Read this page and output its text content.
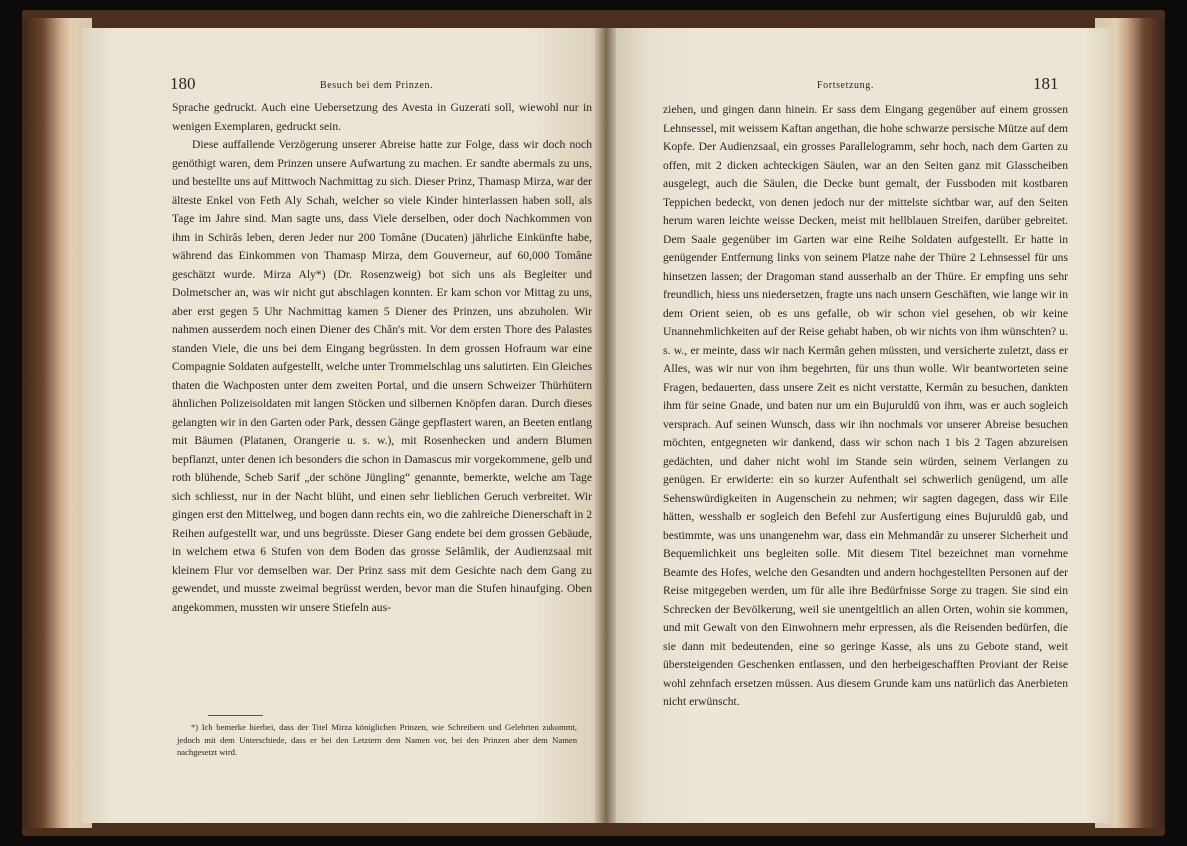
180	Besuch bei dem Prinzen.

Sprache gedruckt. Auch eine Uebersetzung des Avesta in Guzerati soll, wiewohl nur in wenigen Exemplaren, gedruckt sein.

Diese auffallende Verzögerung unserer Abreise hatte zur Folge, dass wir doch noch genöthigt waren, dem Prinzen unsere Aufwartung zu machen. Er sandte abermals zu uns, und bestellte uns auf Mittwoch Nachmittag zu sich. Dieser Prinz, Thamasp Mirza, war der älteste Enkel von Feth Aly Schah, welcher so viele Kinder hinterlassen haben soll, als Tage im Jahre sind. Man sagte uns, dass Viele derselben, oder doch Nachkommen von ihm in Schirâs leben, deren Jeder nur 200 Tomâne (Ducaten) jährliche Einkünfte habe, während das Einkommen von Thamasp Mirza, dem Gouverneur, auf 60,000 Tomâne geschätzt wurde. Mirza Aly*) (Dr. Rosenzweig) bot sich uns als Begleiter und Dolmetscher an, was wir nicht gut abschlagen konnten. Er kam schon vor Mittag zu uns, aber erst gegen 5 Uhr Nachmittag kamen 5 Diener des Prinzen, uns abzuholen. Wir nahmen ausserdem noch einen Diener des Chân's mit. Vor dem ersten Thore des Palastes standen Viele, die uns bei dem Eingang begrüssten. In dem grossen Hofraum war eine Compagnie Soldaten aufgestellt, welche unter Trommelschlag uns salutirten. Ein Gleiches thaten die Wachposten unter dem zweiten Portal, und die unsern Schweizer Thürhütern ähnlichen Polizeisoldaten mit langen Stöcken und silbernen Knöpfen daran. Durch dieses gelangten wir in den Garten oder Park, dessen Gänge gepflastert waren, an Beeten entlang mit Bäumen (Platanen, Orangerie u. s. w.), mit Rosenhecken und andern Blumen bepflanzt, unter denen ich besonders die schon in Damascus mir vorgekommene, gelb und roth blühende, Scheb Sarif „der schöne Jüngling“ genannte, bemerkte, welche am Tage sich schliesst, nur in der Nacht blüht, und einen sehr lieblichen Geruch verbreitet. Wir gingen erst den Mittelweg, und bogen dann rechts ein, wo die zahlreiche Dienerschaft in 2 Reihen aufgestellt war, und uns begrüsste. Dieser Gang endete bei dem grossen Gebäude, in welchem etwa 6 Stufen von dem Boden das grosse Selâmlik, der Audienzsaal mit kleinem Flur vor demselben war. Der Prinz sass mit dem Gesichte nach dem Gang zu gewendet, und musste zweimal begrüsst werden, bevor man die Stufen hinaufging. Oben angekommen, mussten wir unsere Stiefeln aus-

*) Ich bemerke hierbei, dass der Titel Mirza königlichen Prinzen, wie Schreibern und Gelehrten zukommt, jedoch mit dem Unterschiede, dass er bei den Letztern dem Namen vor, bei den Prinzen aber dem Namen nachgesetzt wird.
Fortsetzung.	181

ziehen, und gingen dann hinein. Er sass dem Eingang gegenüber auf einem grossen Lehnsessel, mit weissem Kaftan angethan, die hohe schwarze persische Mütze auf dem Kopfe. Der Audienzsaal, ein grosses Parallelogramm, sehr hoch, nach dem Garten zu offen, mit 2 dicken achteckigen Säulen, war an den Seiten ganz mit Glasscheiben ausgelegt, auch die Säulen, die Decke bunt gemalt, der Fussboden mit kostbaren Teppichen bedeckt, von denen jedoch nur der mittelste sichtbar war, auf den Seiten herum waren leichte weisse Decken, meist mit hellblauen Streifen, darüber gebreitet. Dem Saale gegenüber im Garten war eine Reihe Soldaten aufgestellt. Er hatte in genügender Entfernung links von seinem Platze nahe der Thüre 2 Lehnsessel für uns hinsetzen lassen; der Dragoman stand ausserhalb an der Thüre. Er empfing uns sehr freundlich, hiess uns niedersetzen, fragte uns nach unsern Geschäften, wie lange wir in dem Orient seien, ob es uns gefalle, ob wir schon viel gesehen, ob wir keine Unannehmlichkeiten auf der Reise gehabt haben, ob wir nichts von ihm wünschten? u. s. w., er meinte, dass wir nach Kermân gehen müssten, und versicherte zuletzt, dass er Alles, was wir nur von ihm begehrten, für uns thun wolle. Wir beantworteten seine Fragen, bedauerten, dass unsere Zeit es nicht verstatte, Kermân zu besuchen, dankten ihm für seine Gnade, und baten nur um ein Bujuruldû von ihm, was er auch sogleich versprach. Auf seinen Wunsch, dass wir ihn nochmals vor unserer Abreise besuchen möchten, entgegneten wir dankend, dass wir schon nach 1 bis 2 Tagen abzureisen gedächten, und daher nicht wohl im Stande sein würden, seinem Verlangen zu genügen. Er erwiderte: ein so kurzer Aufenthalt sei schwerlich genügend, um alle Sehenswürdigkeiten in Augenschein zu nehmen; wir sagten dagegen, dass wir Eile hätten, wesshalb er sogleich den Befehl zur Ausfertigung eines Bujuruldû gab, und bestimmte, was uns unangenehm war, dass ein Mehmandâr zu unserer Sicherheit und Bequemlichkeit uns begleiten solle. Mit diesem Titel bezeichnet man vornehme Beamte des Hofes, welche den Gesandten und andern hochgestellten Personen auf der Reise mitgegeben werden, um für alle ihre Bedürfnisse Sorge zu tragen. Sie sind ein Schrecken der Bevölkerung, weil sie unentgeltlich an allen Orten, wohin sie kommen, und mit Gewalt von den Einwohnern mehr erpressen, als die Reisenden bedürfen, die sie dann mit bedeutenden, eine so geringe Kasse, als uns zu Gebote stand, weit übersteigenden Geschenken entlassen, und den herbeigeschafften Proviant der Reise wohl zehnfach ersetzen müssen. Aus diesem Grunde kam uns natürlich das Anerbieten nicht erwünscht.
